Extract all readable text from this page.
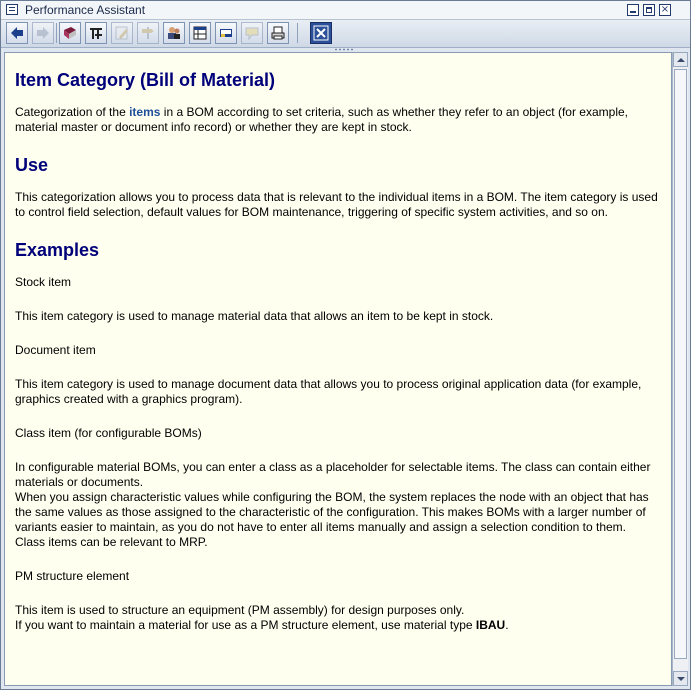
Performance Assistant	×
Item Category (Bill of Material)

Categorization of the items in a BOM according to set criteria, such as whether they refer to an object (for example, material master or document info record) or whether they are kept in stock.

Use

This categorization allows you to process data that is relevant to the individual items in a BOM. The item category is used to control field selection, default values for BOM maintenance, triggering of specific system activities, and so on.

Examples

Stock item

This item category is used to manage material data that allows an item to be kept in stock.

Document item

This item category is used to manage document data that allows you to process original application data (for example, graphics created with a graphics program).

Class item (for configurable BOMs)

In configurable material BOMs, you can enter a class as a placeholder for selectable items. The class can contain either materials or documents.
When you assign characteristic values while configuring the BOM, the system replaces the node with an object that has the same values as those assigned to the characteristic of the configuration. This makes BOMs with a larger number of variants easier to maintain, as you do not have to enter all items manually and assign a selection condition to them.
Class items can be relevant to MRP.

PM structure element

This item is used to structure an equipment (PM assembly) for design purposes only.
If you want to maintain a material for use as a PM structure element, use material type IBAU.
